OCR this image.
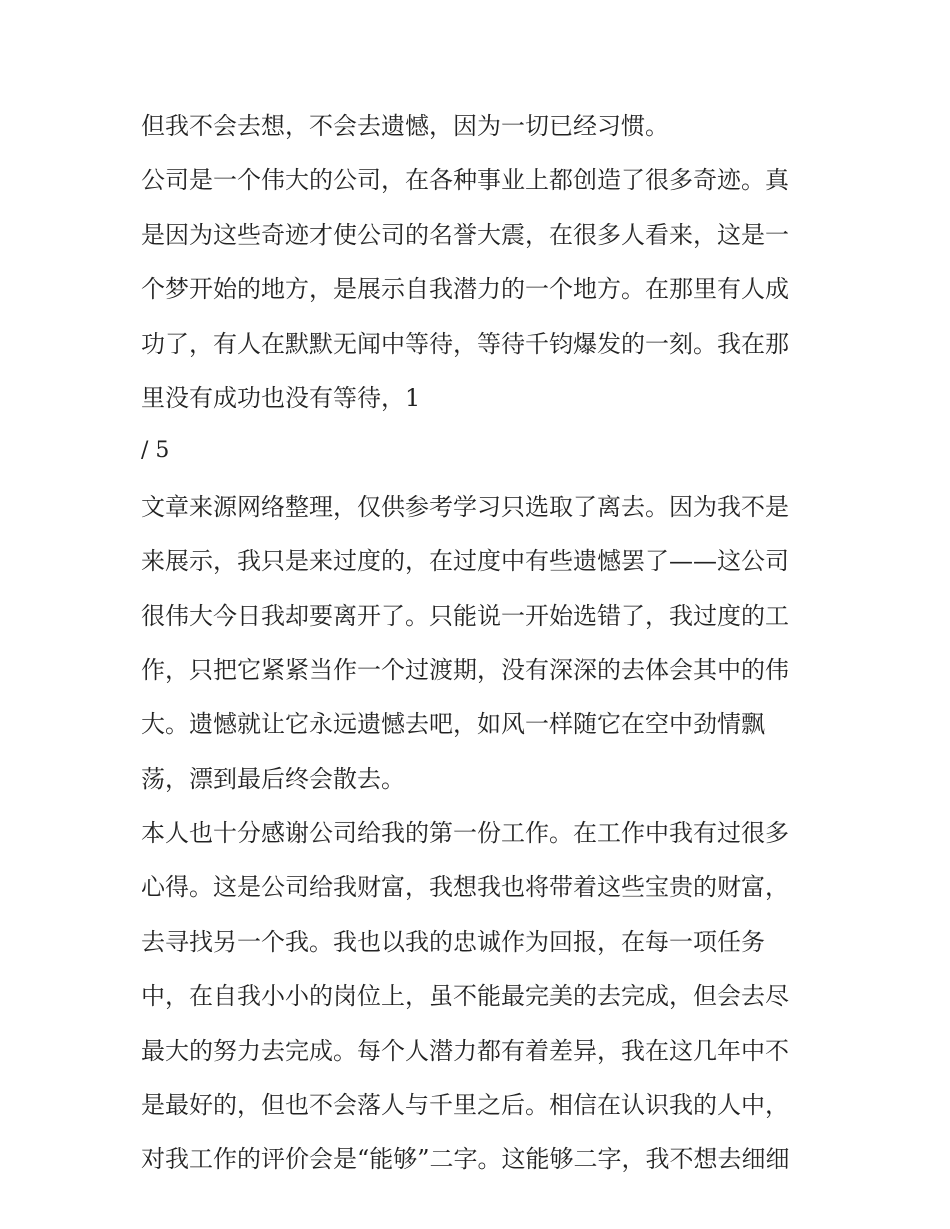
但我不会去想，不会去遗憾，因为一切已经习惯。
公司是一个伟大的公司，在各种事业上都创造了很多奇迹。真
是因为这些奇迹才使公司的名誉大震，在很多人看来，这是一
个梦开始的地方，是展示自我潜力的一个地方。在那里有人成
功了，有人在默默无闻中等待，等待千钧爆发的一刻。我在那
里没有成功也没有等待，1
/ 5
文章来源网络整理，仅供参考学习只选取了离去。因为我不是
来展示，我只是来过度的，在过度中有些遗憾罢了——这公司
很伟大今日我却要离开了。只能说一开始选错了，我过度的工
作，只把它紧紧当作一个过渡期，没有深深的去体会其中的伟
大。遗憾就让它永远遗憾去吧，如风一样随它在空中劲情飘
荡，漂到最后终会散去。
本人也十分感谢公司给我的第一份工作。在工作中我有过很多
心得。这是公司给我财富，我想我也将带着这些宝贵的财富，
去寻找另一个我。我也以我的忠诚作为回报，在每一项任务
中，在自我小小的岗位上，虽不能最完美的去完成，但会去尽
最大的努力去完成。每个人潜力都有着差异，我在这几年中不
是最好的，但也不会落人与千里之后。相信在认识我的人中，
对我工作的评价会是“能够”二字。这能够二字，我不想去细细
